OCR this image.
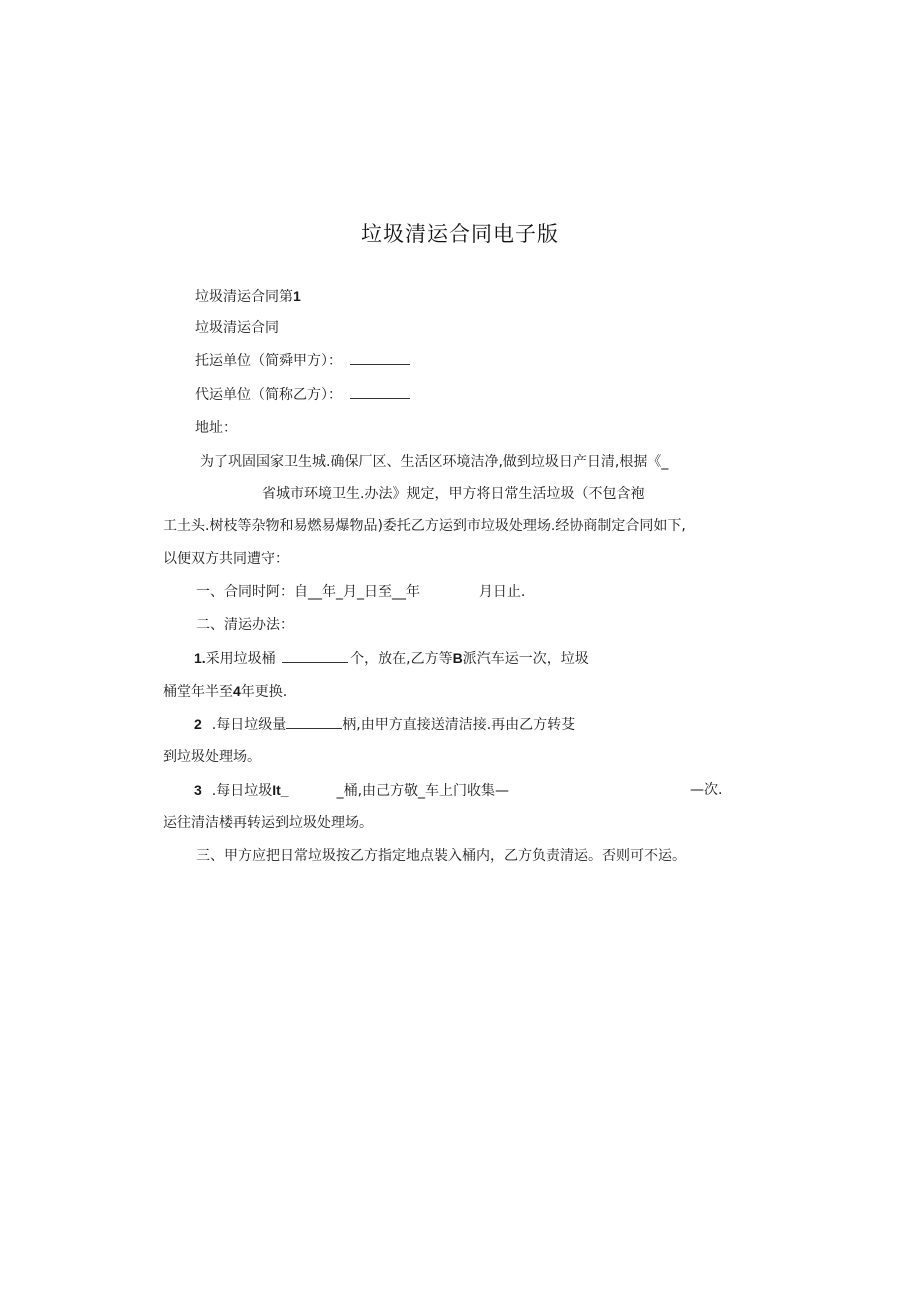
垃圾清运合同电子版
垃圾清运合同第1
垃圾清运合同
托运单位（简舜甲方）：
代运单位（简称乙方）：
地址：
为了巩固国家卫生城.确保厂区、生活区环境洁净,做到垃圾日产日清,根据《_
省城市环境卫生.办法》规定，甲方将日常生活垃圾（不包含袍
工土头.树枝等杂物和易燃易爆物品)委托乙方运到市垃圾处理场.经协商制定合同如下,
以便双方共同遭守：
一、合同时阿：自__年_月_日至__年	月日止.
二、清运办法：
1.采用垃圾桶	个，放在,乙方等B派汽车运一次，垃圾
桶堂年半至4年更换.
2 .每日垃级量	柄,由甲方直接送清洁接.再由乙方转芟
到垃圾处理场。
3 .每日垃圾It_	_桶,由己方敬_车上门收集—	—次.
运往清洁楼再转运到垃圾处理场。
三、甲方应把日常垃圾按乙方指定地点裝入桶内，乙方负责清运。否则可不运。
